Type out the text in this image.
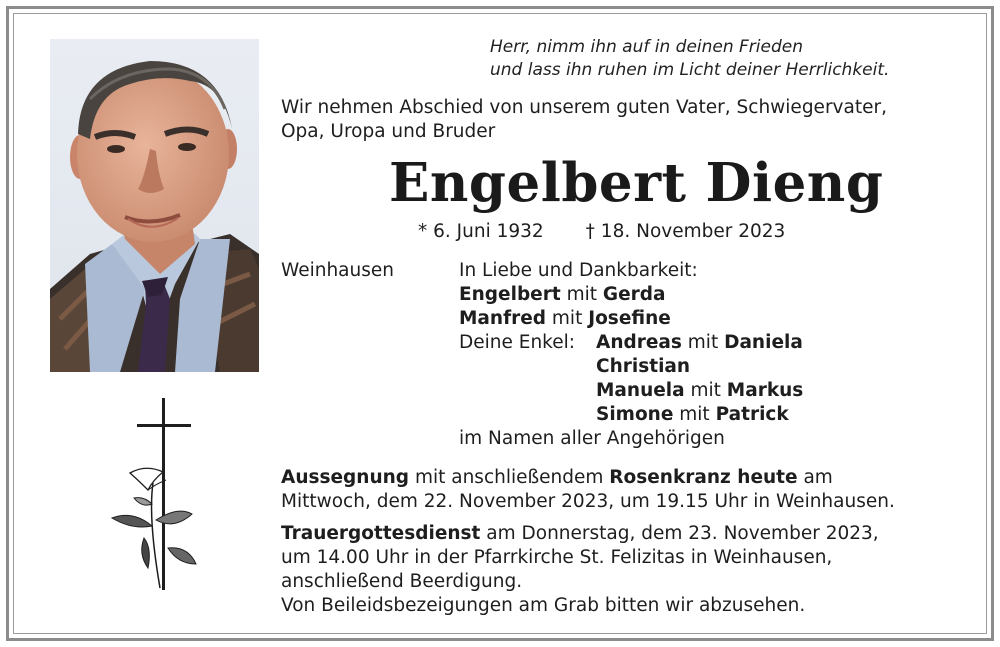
Herr, nimm ihn auf in deinen Frieden
und lass ihn ruhen im Licht deiner Herrlichkeit.
Wir nehmen Abschied von unserem guten Vater, Schwiegervater,
Opa, Uropa und Bruder
Engelbert Dieng
* 6. Juni 1932 † 18. November 2023
Weinhausen	In Liebe und Dankbarkeit:
Engelbert mit Gerda
Manfred mit Josefine
Deine Enkel: Andreas mit Daniela
Christian
Manuela mit Markus
Simone mit Patrick
im Namen aller Angehörigen
Aussegnung mit anschließendem Rosenkranz heute am
Mittwoch, dem 22. November 2023, um 19.15 Uhr in Weinhausen.
Trauergottesdienst am Donnerstag, dem 23. November 2023,
um 14.00 Uhr in der Pfarrkirche St. Felizitas in Weinhausen,
anschließend Beerdigung.
Von Beileidsbezeigungen am Grab bitten wir abzusehen.
